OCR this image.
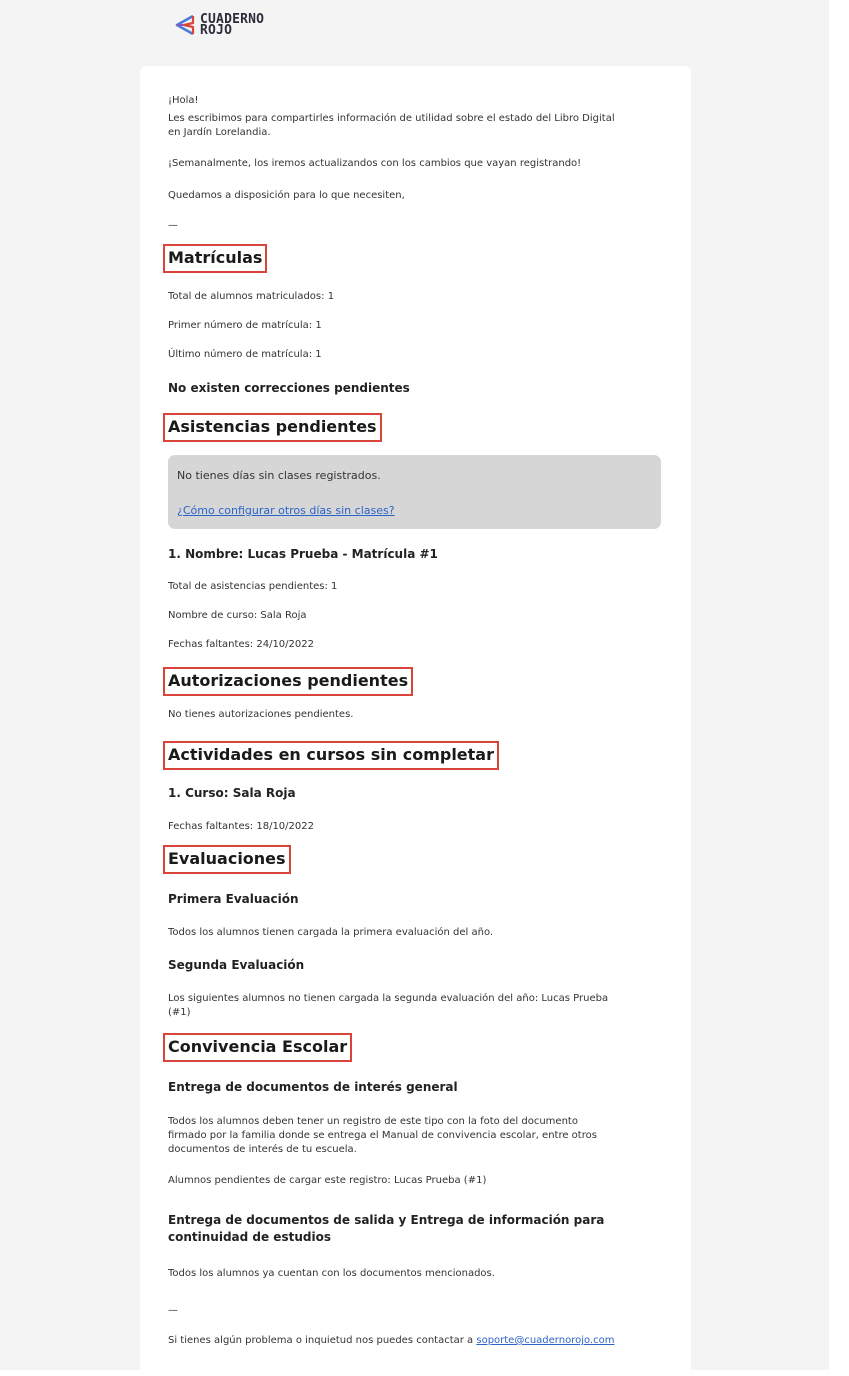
CUADERNO
ROJO
¡Hola!
Les escribimos para compartirles información de utilidad sobre el estado del Libro Digital
en Jardín Lorelandia.
¡Semanalmente, los iremos actualizandos con los cambios que vayan registrando!
Quedamos a disposición para lo que necesiten,
—
Matrículas
Total de alumnos matriculados: 1
Primer número de matrícula: 1
Último número de matrícula: 1
No existen correcciones pendientes
Asistencias pendientes
No tienes días sin clases registrados.
¿Cómo configurar otros días sin clases?
1. Nombre: Lucas Prueba - Matrícula #1
Total de asistencias pendientes: 1
Nombre de curso: Sala Roja
Fechas faltantes: 24/10/2022
Autorizaciones pendientes
No tienes autorizaciones pendientes.
Actividades en cursos sin completar
1. Curso: Sala Roja
Fechas faltantes: 18/10/2022
Evaluaciones
Primera Evaluación
Todos los alumnos tienen cargada la primera evaluación del año.
Segunda Evaluación
Los siguientes alumnos no tienen cargada la segunda evaluación del año: Lucas Prueba
(#1)
Convivencia Escolar
Entrega de documentos de interés general
Todos los alumnos deben tener un registro de este tipo con la foto del documento
firmado por la familia donde se entrega el Manual de convivencia escolar, entre otros
documentos de interés de tu escuela.
Alumnos pendientes de cargar este registro: Lucas Prueba (#1)
Entrega de documentos de salida y Entrega de información para
continuidad de estudios
Todos los alumnos ya cuentan con los documentos mencionados.
—
Si tienes algún problema o inquietud nos puedes contactar a soporte@cuadernorojo.com
